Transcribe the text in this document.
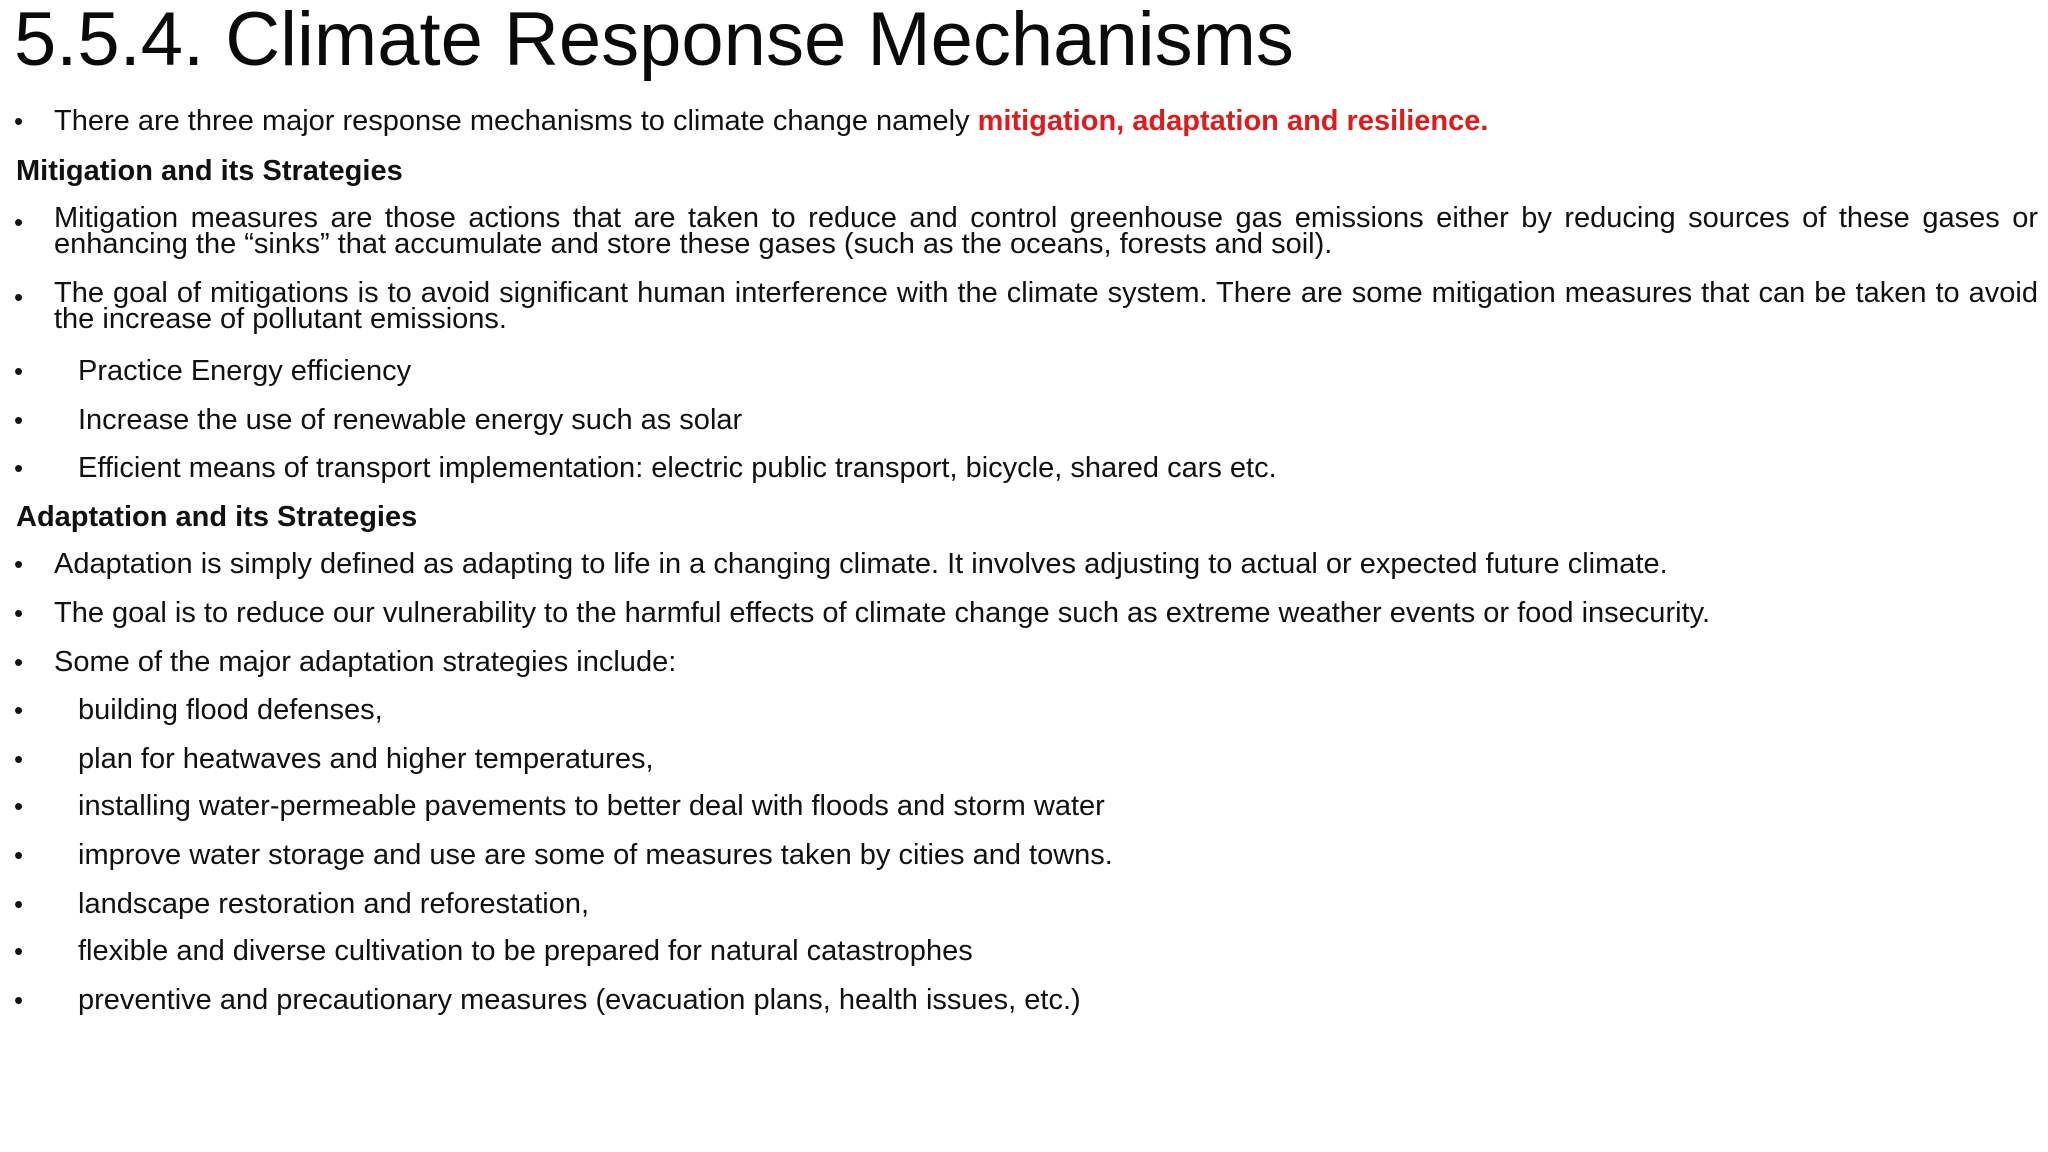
5.5.4. Climate Response Mechanisms
• There are three major response mechanisms to climate change namely mitigation, adaptation and resilience.
Mitigation and its Strategies
• Mitigation measures are those actions that are taken to reduce and control greenhouse gas emissions either by reducing sources of these gases or enhancing the “sinks” that accumulate and store these gases (such as the oceans, forests and soil).
• The goal of mitigations is to avoid significant human interference with the climate system. There are some mitigation measures that can be taken to avoid the increase of pollutant emissions.
• Practice Energy efficiency
• Increase the use of renewable energy such as solar
• Efficient means of transport implementation: electric public transport, bicycle, shared cars etc.
Adaptation and its Strategies
• Adaptation is simply defined as adapting to life in a changing climate. It involves adjusting to actual or expected future climate.
• The goal is to reduce our vulnerability to the harmful effects of climate change such as extreme weather events or food insecurity.
• Some of the major adaptation strategies include:
• building flood defenses,
• plan for heatwaves and higher temperatures,
• installing water-permeable pavements to better deal with floods and storm water
• improve water storage and use are some of measures taken by cities and towns.
• landscape restoration and reforestation,
• flexible and diverse cultivation to be prepared for natural catastrophes
• preventive and precautionary measures (evacuation plans, health issues, etc.)
